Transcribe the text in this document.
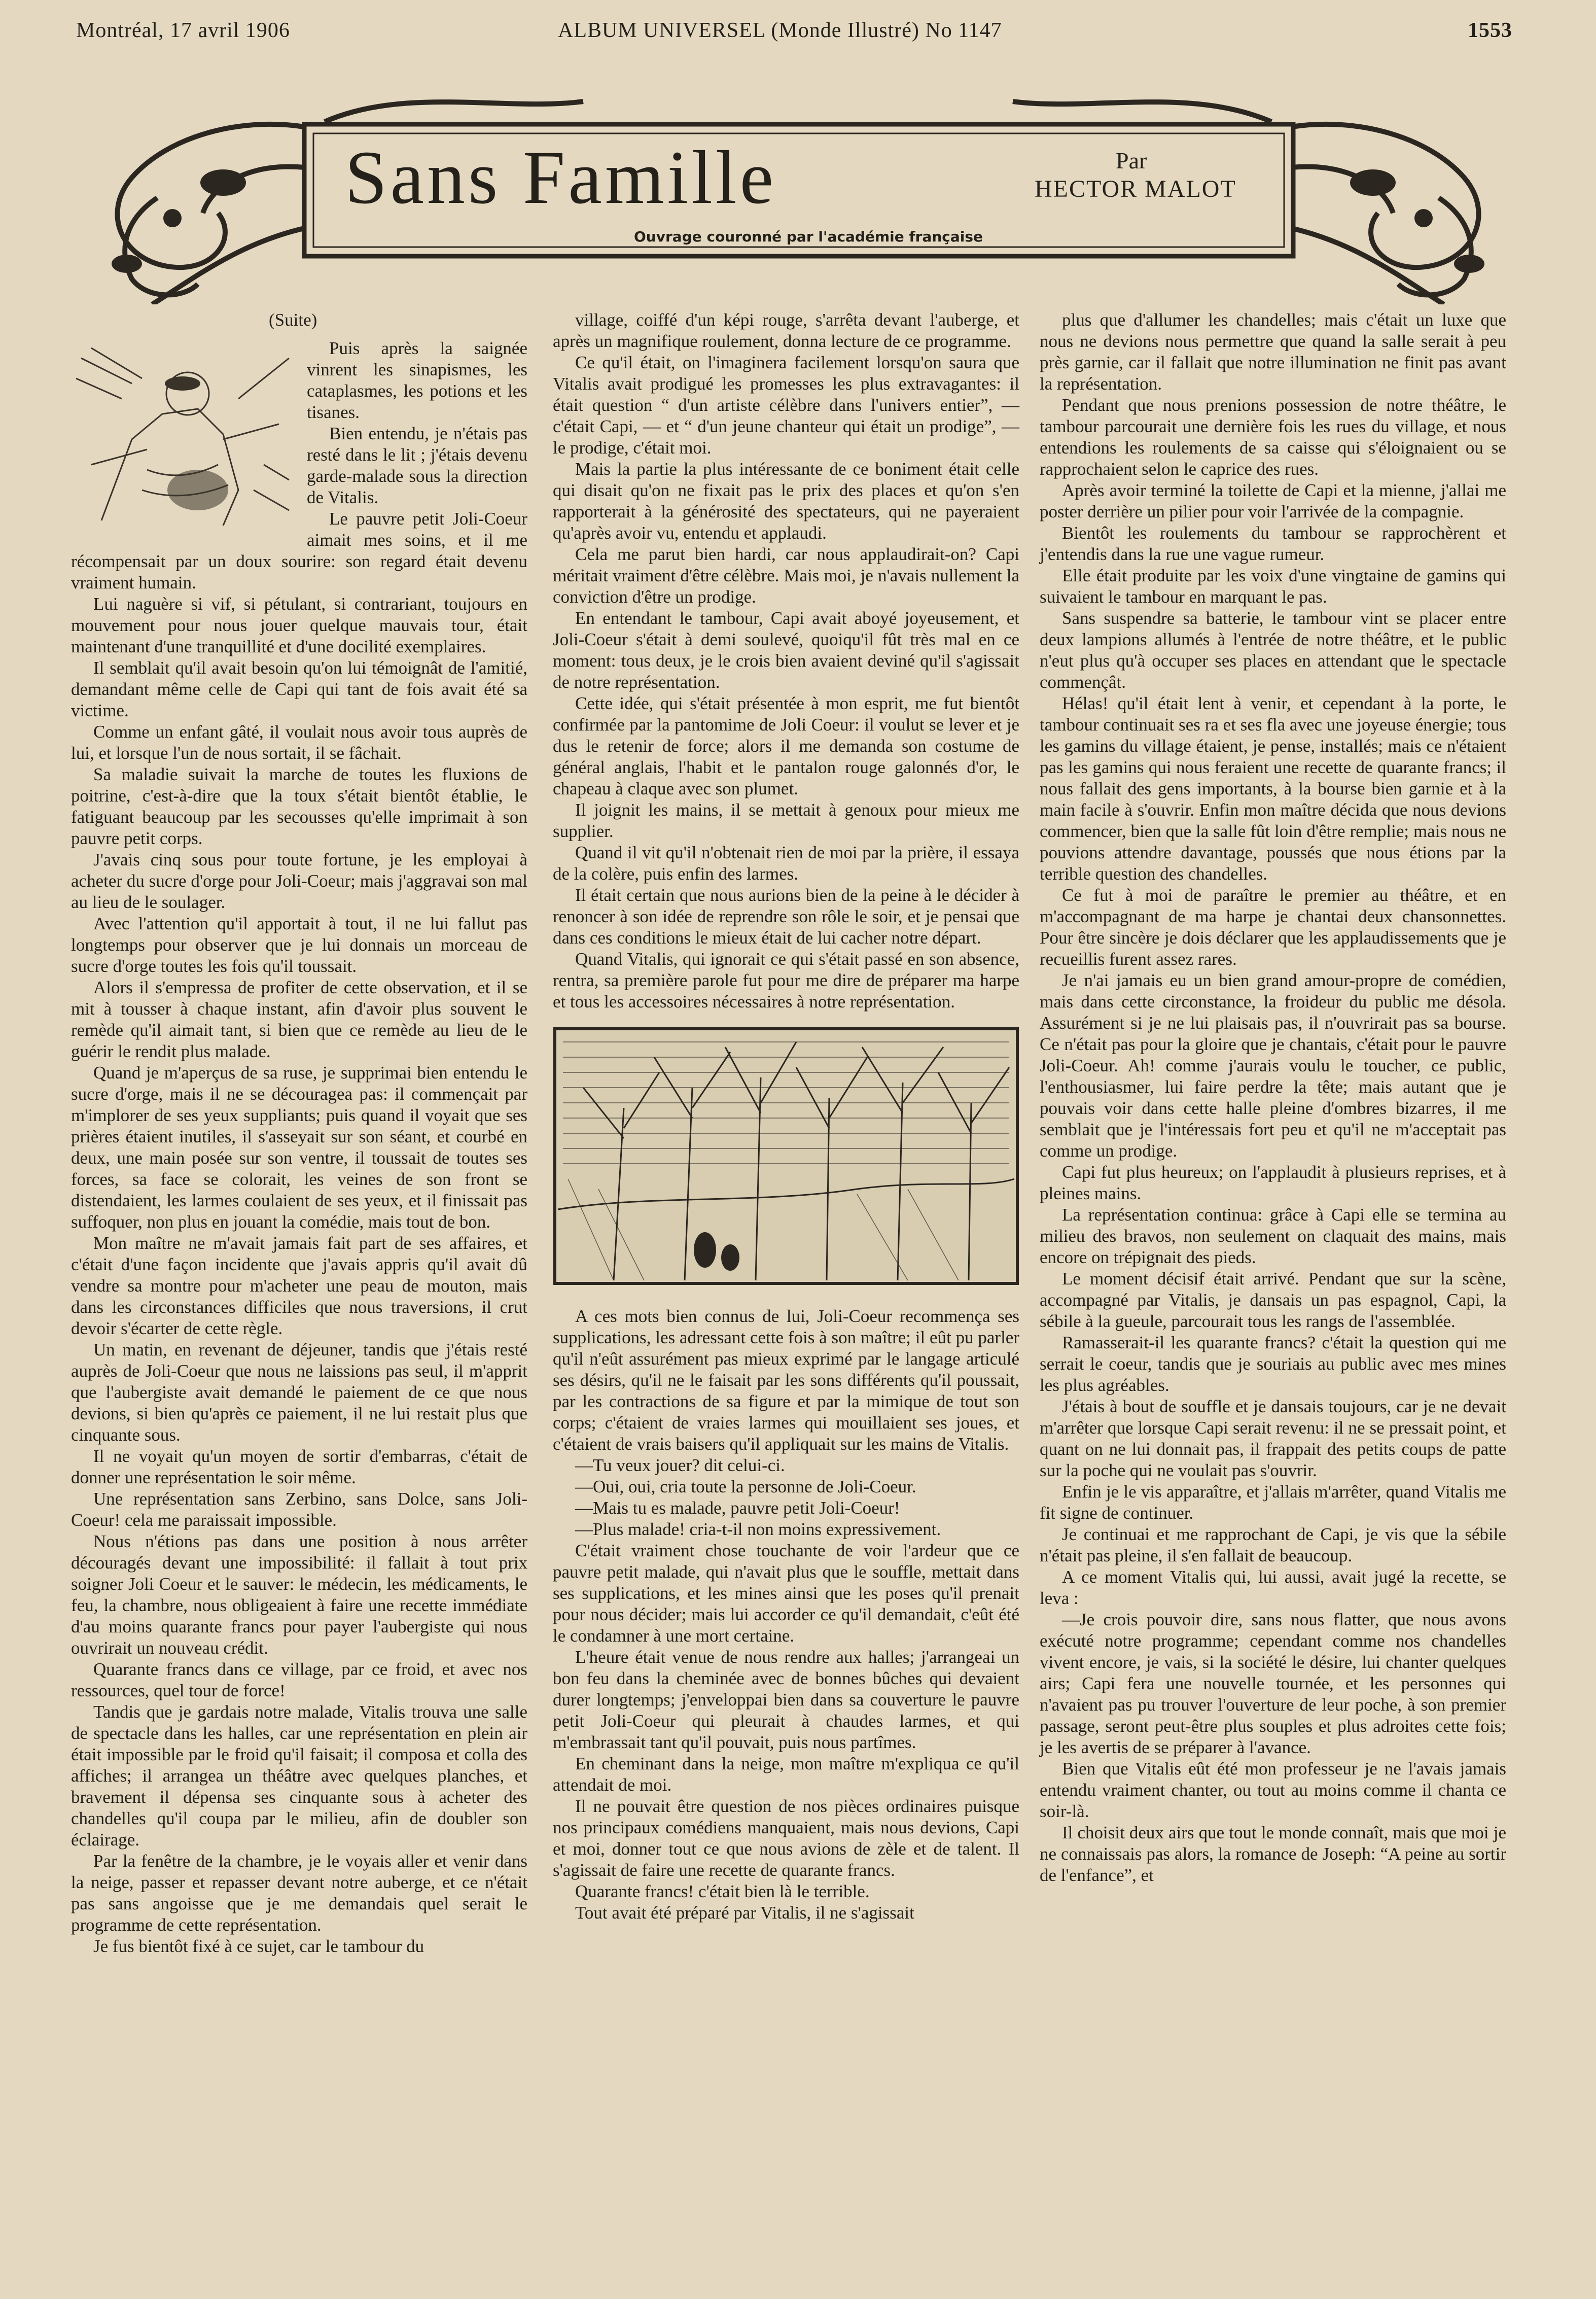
Montréal, 17 avril 1906	ALBUM UNIVERSEL (Monde Illustré) No 1147	1553
Sans Famille	Par
HECTOR MALOT
Ouvrage couronné par l'académie française

(Suite)

Puis après la saignée vinrent les sinapismes, les cataplasmes, les potions et les tisanes.

Bien entendu, je n'étais pas resté dans le lit ; j'étais devenu garde-malade sous la direction de Vitalis.

Le pauvre petit Joli-Coeur aimait mes soins, et il me récompensait par un doux sourire: son regard était devenu vraiment humain.

Lui naguère si vif, si pétulant, si contrariant, toujours en mouvement pour nous jouer quelque mauvais tour, était maintenant d'une tranquillité et d'une docilité exemplaires.

Il semblait qu'il avait besoin qu'on lui témoignât de l'amitié, demandant même celle de Capi qui tant de fois avait été sa victime.

Comme un enfant gâté, il voulait nous avoir tous auprès de lui, et lorsque l'un de nous sortait, il se fâchait.

Sa maladie suivait la marche de toutes les fluxions de poitrine, c'est-à-dire que la toux s'était bientôt établie, le fatiguant beaucoup par les secousses qu'elle imprimait à son pauvre petit corps.

J'avais cinq sous pour toute fortune, je les employai à acheter du sucre d'orge pour Joli-Coeur; mais j'aggravai son mal au lieu de le soulager.

Avec l'attention qu'il apportait à tout, il ne lui fallut pas longtemps pour observer que je lui donnais un morceau de sucre d'orge toutes les fois qu'il toussait.

Alors il s'empressa de profiter de cette observation, et il se mit à tousser à chaque instant, afin d'avoir plus souvent le remède qu'il aimait tant, si bien que ce remède au lieu de le guérir le rendit plus malade.

Quand je m'aperçus de sa ruse, je supprimai bien entendu le sucre d'orge, mais il ne se découragea pas: il commençait par m'implorer de ses yeux suppliants; puis quand il voyait que ses prières étaient inutiles, il s'asseyait sur son séant, et courbé en deux, une main posée sur son ventre, il toussait de toutes ses forces, sa face se colorait, les veines de son front se distendaient, les larmes coulaient de ses yeux, et il finissait pas suffoquer, non plus en jouant la comédie, mais tout de bon.

Mon maître ne m'avait jamais fait part de ses affaires, et c'était d'une façon incidente que j'avais appris qu'il avait dû vendre sa montre pour m'acheter une peau de mouton, mais dans les circonstances difficiles que nous traversions, il crut devoir s'écarter de cette règle.

Un matin, en revenant de déjeuner, tandis que j'étais resté auprès de Joli-Coeur que nous ne laissions pas seul, il m'apprit que l'aubergiste avait demandé le paiement de ce que nous devions, si bien qu'après ce paiement, il ne lui restait plus que cinquante sous.

Il ne voyait qu'un moyen de sortir d'embarras, c'était de donner une représentation le soir même.

Une représentation sans Zerbino, sans Dolce, sans Joli-Coeur! cela me paraissait impossible.

Nous n'étions pas dans une position à nous arrêter découragés devant une impossibilité: il fallait à tout prix soigner Joli Coeur et le sauver: le médecin, les médicaments, le feu, la chambre, nous obligeaient à faire une recette immédiate d'au moins quarante francs pour payer l'aubergiste qui nous ouvrirait un nouveau crédit.

Quarante francs dans ce village, par ce froid, et avec nos ressources, quel tour de force!

Tandis que je gardais notre malade, Vitalis trouva une salle de spectacle dans les halles, car une représentation en plein air était impossible par le froid qu'il faisait; il composa et colla des affiches; il arrangea un théâtre avec quelques planches, et bravement il dépensa ses cinquante sous à acheter des chandelles qu'il coupa par le milieu, afin de doubler son éclairage.

Par la fenêtre de la chambre, je le voyais aller et venir dans la neige, passer et repasser devant notre auberge, et ce n'était pas sans angoisse que je me demandais quel serait le programme de cette représentation.

Je fus bientôt fixé à ce sujet, car le tambour du

village, coiffé d'un képi rouge, s'arrêta devant l'auberge, et après un magnifique roulement, donna lecture de ce programme.

Ce qu'il était, on l'imaginera facilement lorsqu'on saura que Vitalis avait prodigué les promesses les plus extravagantes: il était question “ d'un artiste célèbre dans l'univers entier”, — c'était Capi, — et “ d'un jeune chanteur qui était un prodige”, — le prodige, c'était moi.

Mais la partie la plus intéressante de ce boniment était celle qui disait qu'on ne fixait pas le prix des places et qu'on s'en rapporterait à la générosité des spectateurs, qui ne payeraient qu'après avoir vu, entendu et applaudi.

Cela me parut bien hardi, car nous applaudirait-on? Capi méritait vraiment d'être célèbre. Mais moi, je n'avais nullement la conviction d'être un prodige.

En entendant le tambour, Capi avait aboyé joyeusement, et Joli-Coeur s'était à demi soulevé, quoiqu'il fût très mal en ce moment: tous deux, je le crois bien avaient deviné qu'il s'agissait de notre représentation.

Cette idée, qui s'était présentée à mon esprit, me fut bientôt confirmée par la pantomime de Joli Coeur: il voulut se lever et je dus le retenir de force; alors il me demanda son costume de général anglais, l'habit et le pantalon rouge galonnés d'or, le chapeau à claque avec son plumet.

Il joignit les mains, il se mettait à genoux pour mieux me supplier.

Quand il vit qu'il n'obtenait rien de moi par la prière, il essaya de la colère, puis enfin des larmes.

Il était certain que nous aurions bien de la peine à le décider à renoncer à son idée de reprendre son rôle le soir, et je pensai que dans ces conditions le mieux était de lui cacher notre départ.

Quand Vitalis, qui ignorait ce qui s'était passé en son absence, rentra, sa première parole fut pour me dire de préparer ma harpe et tous les accessoires nécessaires à notre représentation.

A ces mots bien connus de lui, Joli-Coeur recommença ses supplications, les adressant cette fois à son maître; il eût pu parler qu'il n'eût assurément pas mieux exprimé par le langage articulé ses désirs, qu'il ne le faisait par les sons différents qu'il poussait, par les contractions de sa figure et par la mimique de tout son corps; c'étaient de vraies larmes qui mouillaient ses joues, et c'étaient de vrais baisers qu'il appliquait sur les mains de Vitalis.

—Tu veux jouer? dit celui-ci.

—Oui, oui, cria toute la personne de Joli-Coeur.

—Mais tu es malade, pauvre petit Joli-Coeur!

—Plus malade! cria-t-il non moins expressivement.

C'était vraiment chose touchante de voir l'ardeur que ce pauvre petit malade, qui n'avait plus que le souffle, mettait dans ses supplications, et les mines ainsi que les poses qu'il prenait pour nous décider; mais lui accorder ce qu'il demandait, c'eût été le condamner à une mort certaine.

L'heure était venue de nous rendre aux halles; j'arrangeai un bon feu dans la cheminée avec de bonnes bûches qui devaient durer longtemps; j'enveloppai bien dans sa couverture le pauvre petit Joli-Coeur qui pleurait à chaudes larmes, et qui m'embrassait tant qu'il pouvait, puis nous partîmes.

En cheminant dans la neige, mon maître m'expliqua ce qu'il attendait de moi.

Il ne pouvait être question de nos pièces ordinaires puisque nos principaux comédiens manquaient, mais nous devions, Capi et moi, donner tout ce que nous avions de zèle et de talent. Il s'agissait de faire une recette de quarante francs.

Quarante francs! c'était bien là le terrible.

Tout avait été préparé par Vitalis, il ne s'agissait

plus que d'allumer les chandelles; mais c'était un luxe que nous ne devions nous permettre que quand la salle serait à peu près garnie, car il fallait que notre illumination ne finit pas avant la représentation.

Pendant que nous prenions possession de notre théâtre, le tambour parcourait une dernière fois les rues du village, et nous entendions les roulements de sa caisse qui s'éloignaient ou se rapprochaient selon le caprice des rues.

Après avoir terminé la toilette de Capi et la mienne, j'allai me poster derrière un pilier pour voir l'arrivée de la compagnie.

Bientôt les roulements du tambour se rapprochèrent et j'entendis dans la rue une vague rumeur.

Elle était produite par les voix d'une vingtaine de gamins qui suivaient le tambour en marquant le pas.

Sans suspendre sa batterie, le tambour vint se placer entre deux lampions allumés à l'entrée de notre théâtre, et le public n'eut plus qu'à occuper ses places en attendant que le spectacle commençât.

Hélas! qu'il était lent à venir, et cependant à la porte, le tambour continuait ses ra et ses fla avec une joyeuse énergie; tous les gamins du village étaient, je pense, installés; mais ce n'étaient pas les gamins qui nous feraient une recette de quarante francs; il nous fallait des gens importants, à la bourse bien garnie et à la main facile à s'ouvrir. Enfin mon maître décida que nous devions commencer, bien que la salle fût loin d'être remplie; mais nous ne pouvions attendre davantage, poussés que nous étions par la terrible question des chandelles.

Ce fut à moi de paraître le premier au théâtre, et en m'accompagnant de ma harpe je chantai deux chansonnettes. Pour être sincère je dois déclarer que les applaudissements que je recueillis furent assez rares.

Je n'ai jamais eu un bien grand amour-propre de comédien, mais dans cette circonstance, la froideur du public me désola. Assurément si je ne lui plaisais pas, il n'ouvrirait pas sa bourse. Ce n'était pas pour la gloire que je chantais, c'était pour le pauvre Joli-Coeur. Ah! comme j'aurais voulu le toucher, ce public, l'enthousiasmer, lui faire perdre la tête; mais autant que je pouvais voir dans cette halle pleine d'ombres bizarres, il me semblait que je l'intéressais fort peu et qu'il ne m'acceptait pas comme un prodige.

Capi fut plus heureux; on l'applaudit à plusieurs reprises, et à pleines mains.

La représentation continua: grâce à Capi elle se termina au milieu des bravos, non seulement on claquait des mains, mais encore on trépignait des pieds.

Le moment décisif était arrivé. Pendant que sur la scène, accompagné par Vitalis, je dansais un pas espagnol, Capi, la sébile à la gueule, parcourait tous les rangs de l'assemblée.

Ramasserait-il les quarante francs? c'était la question qui me serrait le coeur, tandis que je souriais au public avec mes mines les plus agréables.

J'étais à bout de souffle et je dansais toujours, car je ne devait m'arrêter que lorsque Capi serait revenu: il ne se pressait point, et quant on ne lui donnait pas, il frappait des petits coups de patte sur la poche qui ne voulait pas s'ouvrir.

Enfin je le vis apparaître, et j'allais m'arrêter, quand Vitalis me fit signe de continuer.

Je continuai et me rapprochant de Capi, je vis que la sébile n'était pas pleine, il s'en fallait de beaucoup.

A ce moment Vitalis qui, lui aussi, avait jugé la recette, se leva :

—Je crois pouvoir dire, sans nous flatter, que nous avons exécuté notre programme; cependant comme nos chandelles vivent encore, je vais, si la société le désire, lui chanter quelques airs; Capi fera une nouvelle tournée, et les personnes qui n'avaient pas pu trouver l'ouverture de leur poche, à son premier passage, seront peut-être plus souples et plus adroites cette fois; je les avertis de se préparer à l'avance.

Bien que Vitalis eût été mon professeur je ne l'avais jamais entendu vraiment chanter, ou tout au moins comme il chanta ce soir-là.

Il choisit deux airs que tout le monde connaît, mais que moi je ne connaissais pas alors, la romance de Joseph: “A peine au sortir de l'enfance”, et
